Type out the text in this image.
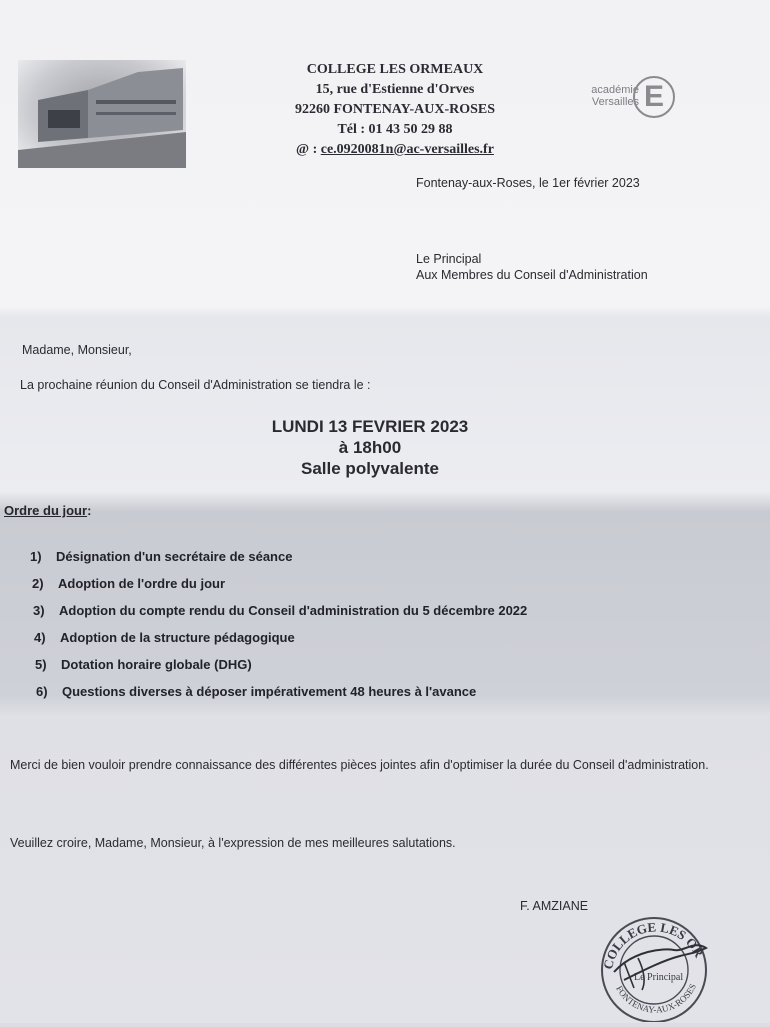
COLLEGE LES ORMEAUX
15, rue d'Estienne d'Orves
92260 FONTENAY-AUX-ROSES
Tél : 01 43 50 29 88
@ : ce.0920081n@ac-versailles.fr
académie
Versailles E
Fontenay-aux-Roses, le 1er février 2023
Le Principal
Aux Membres du Conseil d'Administration
Madame, Monsieur,
La prochaine réunion du Conseil d'Administration se tiendra le :
LUNDI 13 FEVRIER 2023
à 18h00
Salle polyvalente
Ordre du jour:
1) Désignation d'un secrétaire de séance
2) Adoption de l'ordre du jour
3) Adoption du compte rendu du Conseil d'administration du 5 décembre 2022
4) Adoption de la structure pédagogique
5) Dotation horaire globale (DHG)
6) Questions diverses à déposer impérativement 48 heures à l'avance
Merci de bien vouloir prendre connaissance des différentes pièces jointes afin d'optimiser la durée du Conseil d'administration.
Veuillez croire, Madame, Monsieur, à l'expression de mes meilleures salutations.
F. AMZIANE
COLLEGE LES OR
FONTENAY-AUX-ROSES
Le Principal
